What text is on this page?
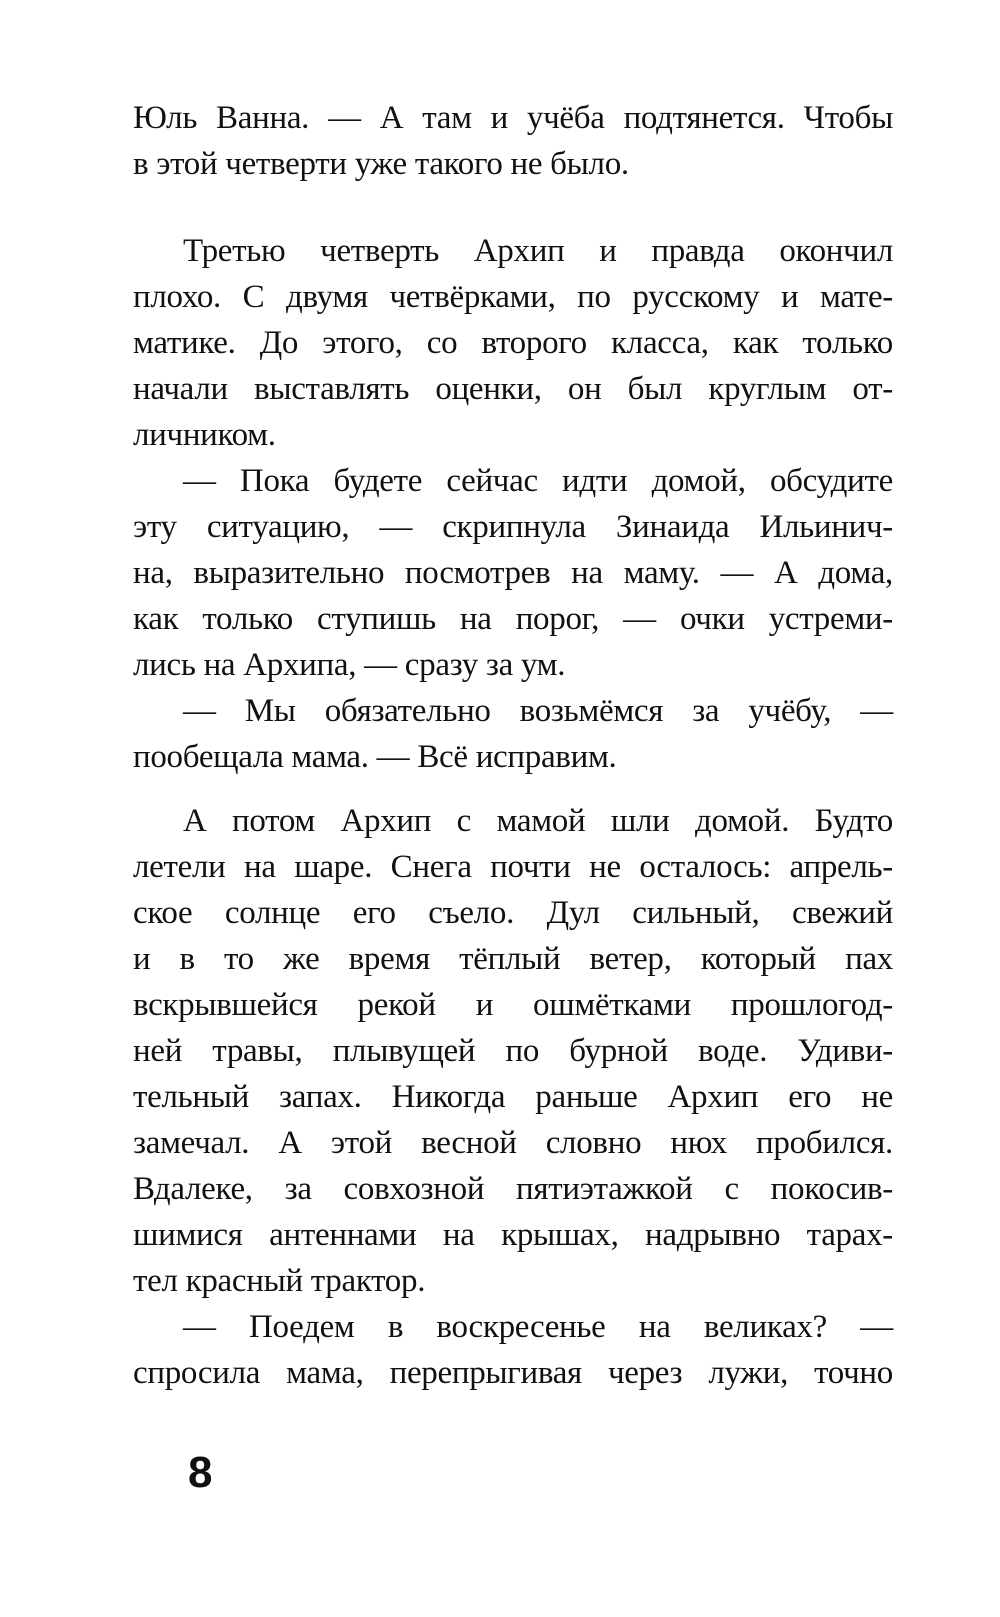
Юль Ванна. — А там и учёба подтянется. Чтобы
в этой четверти уже такого не было.
Третью четверть Архип и правда окончил
плохо. С двумя четвёрками, по русскому и мате-
матике. До этого, со второго класса, как только
начали выставлять оценки, он был круглым от-
личником.
— Пока будете сейчас идти домой, обсудите
эту ситуацию, — скрипнула Зинаида Ильинич-
на, выразительно посмотрев на маму. — А дома,
как только ступишь на порог, — очки устреми-
лись на Архипа, — сразу за ум.
— Мы обязательно возьмёмся за учёбу, —
пообещала мама. — Всё исправим.
А потом Архип с мамой шли домой. Будто
летели на шаре. Снега почти не осталось: апрель-
ское солнце его съело. Дул сильный, свежий
и в то же время тёплый ветер, который пах
вскрывшейся рекой и ошмётками прошлогод-
ней травы, плывущей по бурной воде. Удиви-
тельный запах. Никогда раньше Архип его не
замечал. А этой весной словно нюх пробился.
Вдалеке, за совхозной пятиэтажкой с покосив-
шимися антеннами на крышах, надрывно тарах-
тел красный трактор.
— Поедем в воскресенье на великах? —
спросила мама, перепрыгивая через лужи, точно
8
